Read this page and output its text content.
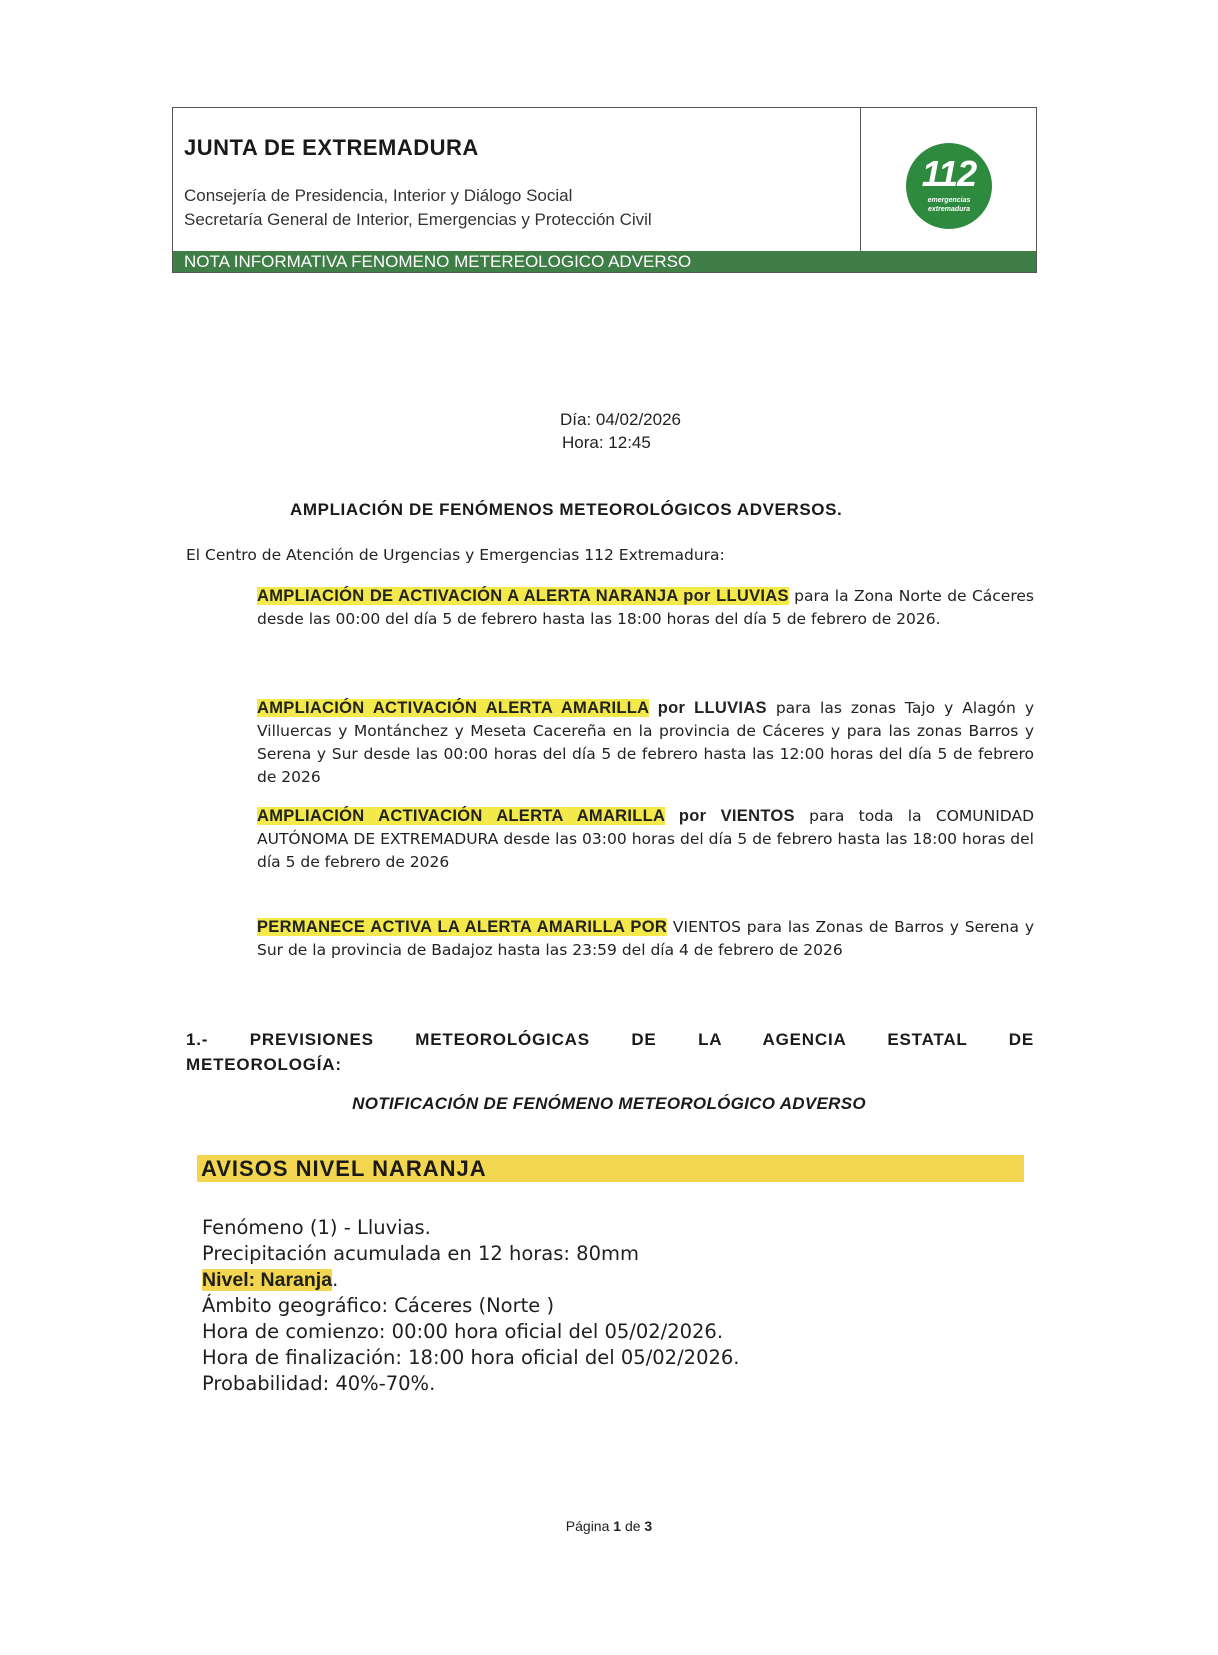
JUNTA DE EXTREMADURA
Consejería de Presidencia, Interior y Diálogo Social
Secretaría General de Interior, Emergencias y Protección Civil
112
emergencias
extremadura
NOTA INFORMATIVA FENOMENO METEREOLOGICO ADVERSO
Día: 04/02/2026
Hora: 12:45
AMPLIACIÓN DE FENÓMENOS METEOROLÓGICOS ADVERSOS.
El Centro de Atención de Urgencias y Emergencias 112 Extremadura:
AMPLIACIÓN DE ACTIVACIÓN A ALERTA NARANJA por LLUVIAS para la Zona Norte de Cáceres desde las 00:00 del día 5 de febrero hasta las 18:00 horas del día 5 de febrero de 2026.
AMPLIACIÓN ACTIVACIÓN ALERTA AMARILLA por LLUVIAS para las zonas Tajo y Alagón y Villuercas y Montánchez y Meseta Cacereña en la provincia de Cáceres y para las zonas Barros y Serena y Sur desde las 00:00 horas del día 5 de febrero hasta las 12:00 horas del día 5 de febrero de 2026
AMPLIACIÓN ACTIVACIÓN ALERTA AMARILLA por VIENTOS para toda la COMUNIDAD AUTÓNOMA DE EXTREMADURA desde las 03:00 horas del día 5 de febrero hasta las 18:00 horas del día 5 de febrero de 2026
PERMANECE ACTIVA LA ALERTA AMARILLA POR VIENTOS para las Zonas de Barros y Serena y Sur de la provincia de Badajoz hasta las 23:59 del día 4 de febrero de 2026
1.- PREVISIONES METEOROLÓGICAS DE LA AGENCIA ESTATAL DE
METEOROLOGÍA:
NOTIFICACIÓN DE FENÓMENO METEOROLÓGICO ADVERSO
AVISOS NIVEL NARANJA
Fenómeno (1) - Lluvias.
Precipitación acumulada en 12 horas: 80mm
Nivel: Naranja.
Ámbito geográfico: Cáceres (Norte )
Hora de comienzo: 00:00 hora oficial del 05/02/2026.
Hora de finalización: 18:00 hora oficial del 05/02/2026.
Probabilidad: 40%-70%.
Página 1 de 3
